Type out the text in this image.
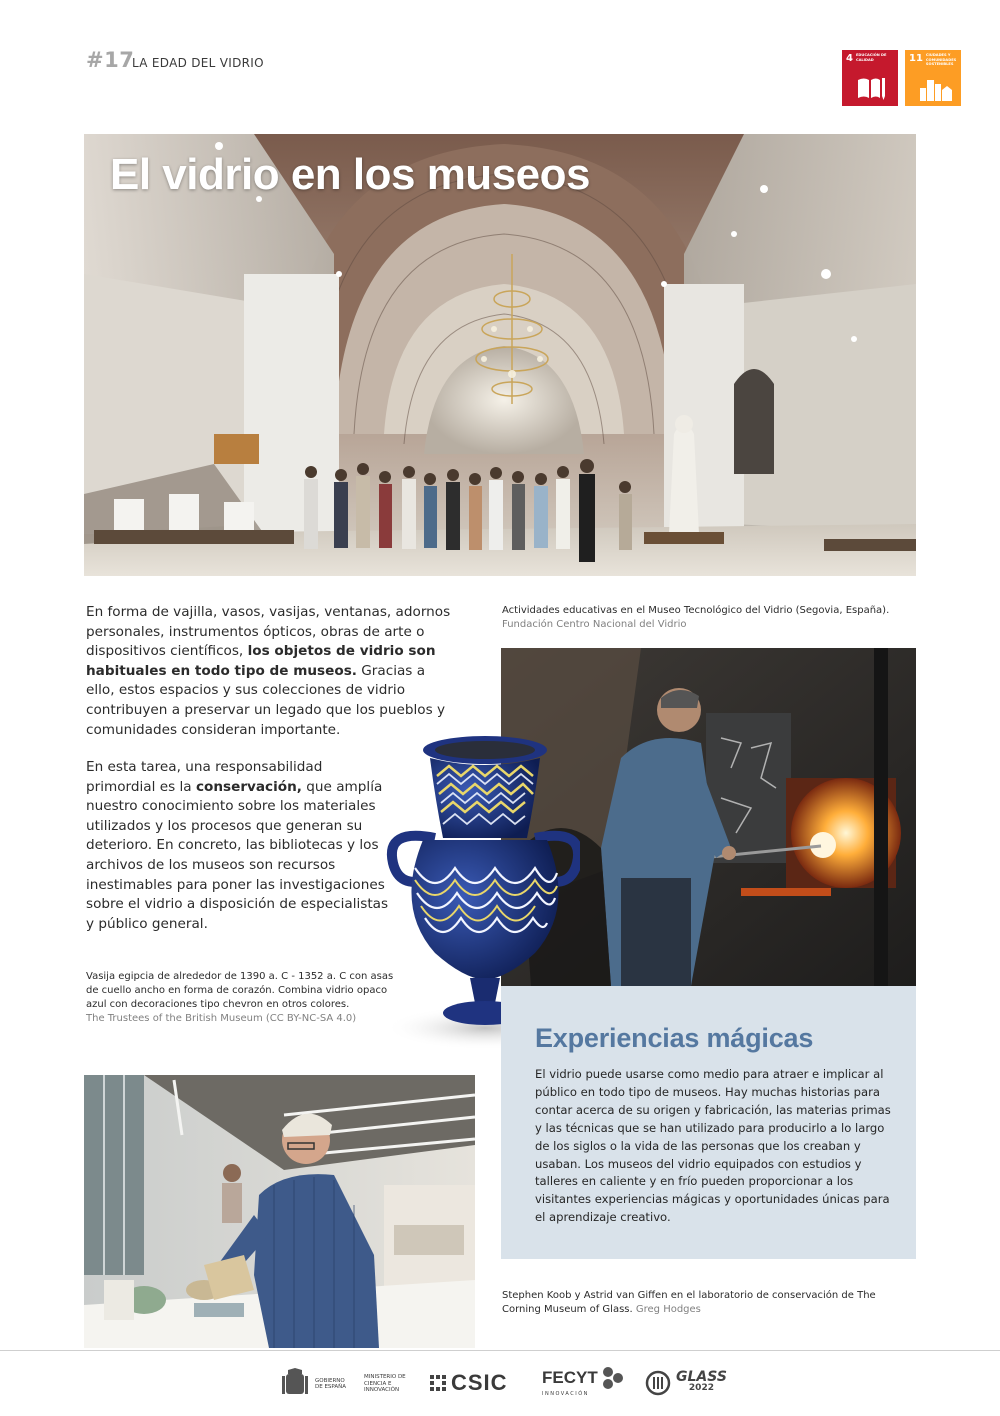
#17
LA EDAD DEL VIDRIO	4 EDUCACIÓN DE CALIDAD	11 CIUDADES Y COMUNIDADES SOSTENIBLES
El vidrio en los museos
En forma de vajilla, vasos, vasijas, ventanas, adornos personales, instrumentos ópticos, obras de arte o dispositivos científicos, los objetos de vidrio son habituales en todo tipo de museos. Gracias a ello, estos espacios y sus colecciones de vidrio contribuyen a preservar un legado que los pueblos y comunidades consideran importante.
En esta tarea, una responsabilidad primordial es la conservación, que amplía nuestro conocimiento sobre los materiales utilizados y los procesos que generan su deterioro. En concreto, las bibliotecas y los archivos de los museos son recursos inestimables para poner las investigaciones sobre el vidrio a disposición de especialistas y público general.
Actividades educativas en el Museo Tecnológico del Vidrio (Segovia, España).
Fundación Centro Nacional del Vidrio
Vasija egipcia de alrededor de 1390 a. C - 1352 a. C con asas de cuello ancho en forma de corazón. Combina vidrio opaco azul con decoraciones tipo chevron en otros colores.
The Trustees of the British Museum (CC BY-NC-SA 4.0)
Experiencias mágicas
El vidrio puede usarse como medio para atraer e implicar al público en todo tipo de museos. Hay muchas historias para contar acerca de su origen y fabricación, las materias primas y las técnicas que se han utilizado para producirlo a lo largo de los siglos o la vida de las personas que los creaban y usaban. Los museos del vidrio equipados con estudios y talleres en caliente y en frío pueden proporcionar a los visitantes experiencias mágicas y oportunidades únicas para el aprendizaje creativo.
Stephen Koob y Astrid van Giffen en el laboratorio de conservación de The Corning Museum of Glass. Greg Hodges
GOBIERNO DE ESPAÑA
MINISTERIO DE CIENCIA E INNOVACIÓN	CSIC FECYT
INNOVACIÓN
GLASS
2022
